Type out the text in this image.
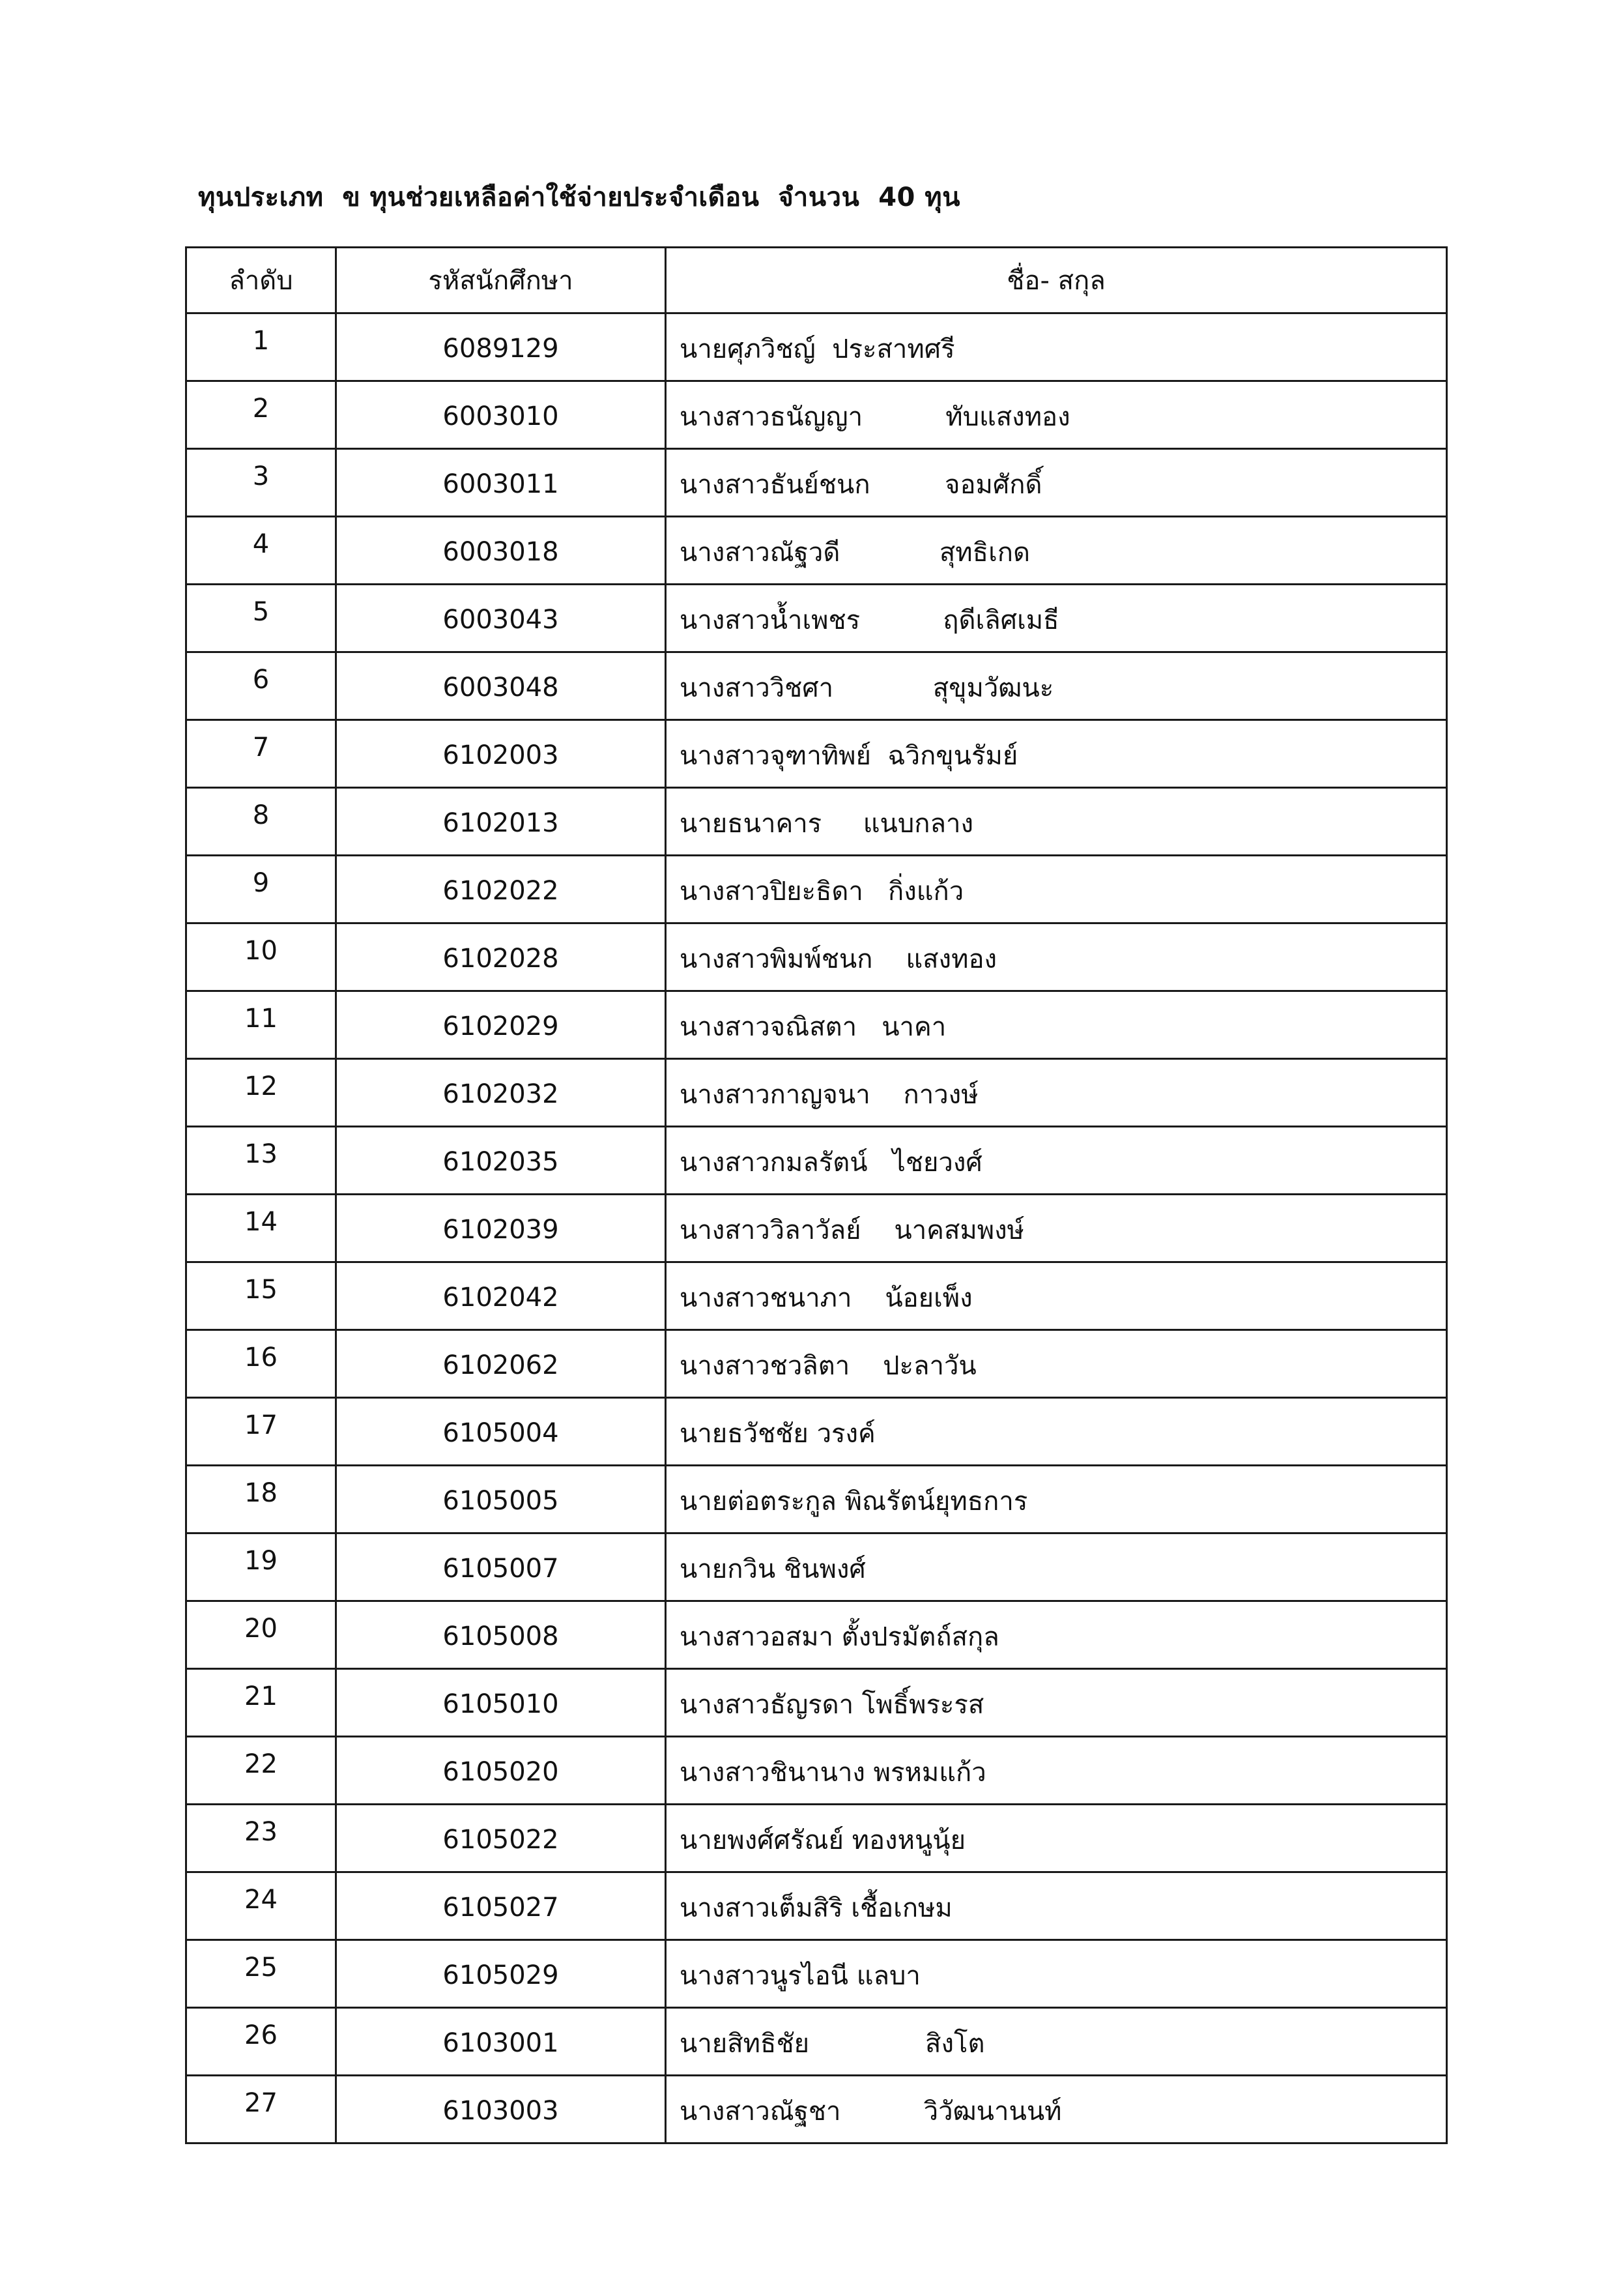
ทุนประเภท  ข ทุนช่วยเหลือค่าใช้จ่ายประจำเดือน  จำนวน  40 ทุน
ลำดับ	รหัสนักศึกษา	ชื่อ- สกุล
1	6089129	นายศุภวิชญ์  ประสาทศรี
2	6003010	นางสาวธนัญญา          ทับแสงทอง
3	6003011	นางสาวธันย์ชนก         จอมศักดิ์
4	6003018	นางสาวณัฐวดี            สุทธิเกด
5	6003043	นางสาวน้ำเพชร          ฤดีเลิศเมธี
6	6003048	นางสาววิชศา            สุขุมวัฒนะ
7	6102003	นางสาวจุฑาทิพย์  ฉวิกขุนรัมย์
8	6102013	นายธนาคาร     แนบกลาง
9	6102022	นางสาวปิยะธิดา   กิ่งแก้ว
10	6102028	นางสาวพิมพ์ชนก    แสงทอง
11	6102029	นางสาวจณิสตา   นาคา
12	6102032	นางสาวกาญจนา    กาวงษ์
13	6102035	นางสาวกมลรัตน์   ไชยวงศ์
14	6102039	นางสาววิลาวัลย์    นาคสมพงษ์
15	6102042	นางสาวชนาภา    น้อยเพ็ง
16	6102062	นางสาวชวลิตา    ปะลาวัน
17	6105004	นายธวัชชัย วรงค์
18	6105005	นายต่อตระกูล พิณรัตน์ยุทธการ
19	6105007	นายกวิน ชินพงศ์
20	6105008	นางสาวอสมา ตั้งปรมัตถ์สกุล
21	6105010	นางสาวธัญรดา โพธิ์พระรส
22	6105020	นางสาวชินานาง พรหมแก้ว
23	6105022	นายพงศ์ศรัณย์ ทองหนูนุ้ย
24	6105027	นางสาวเต็มสิริ เชื้อเกษม
25	6105029	นางสาวนูรไอนี แลบา
26	6103001	นายสิทธิชัย              สิงโต
27	6103003	นางสาวณัฐชา          วิวัฒนานนท์
